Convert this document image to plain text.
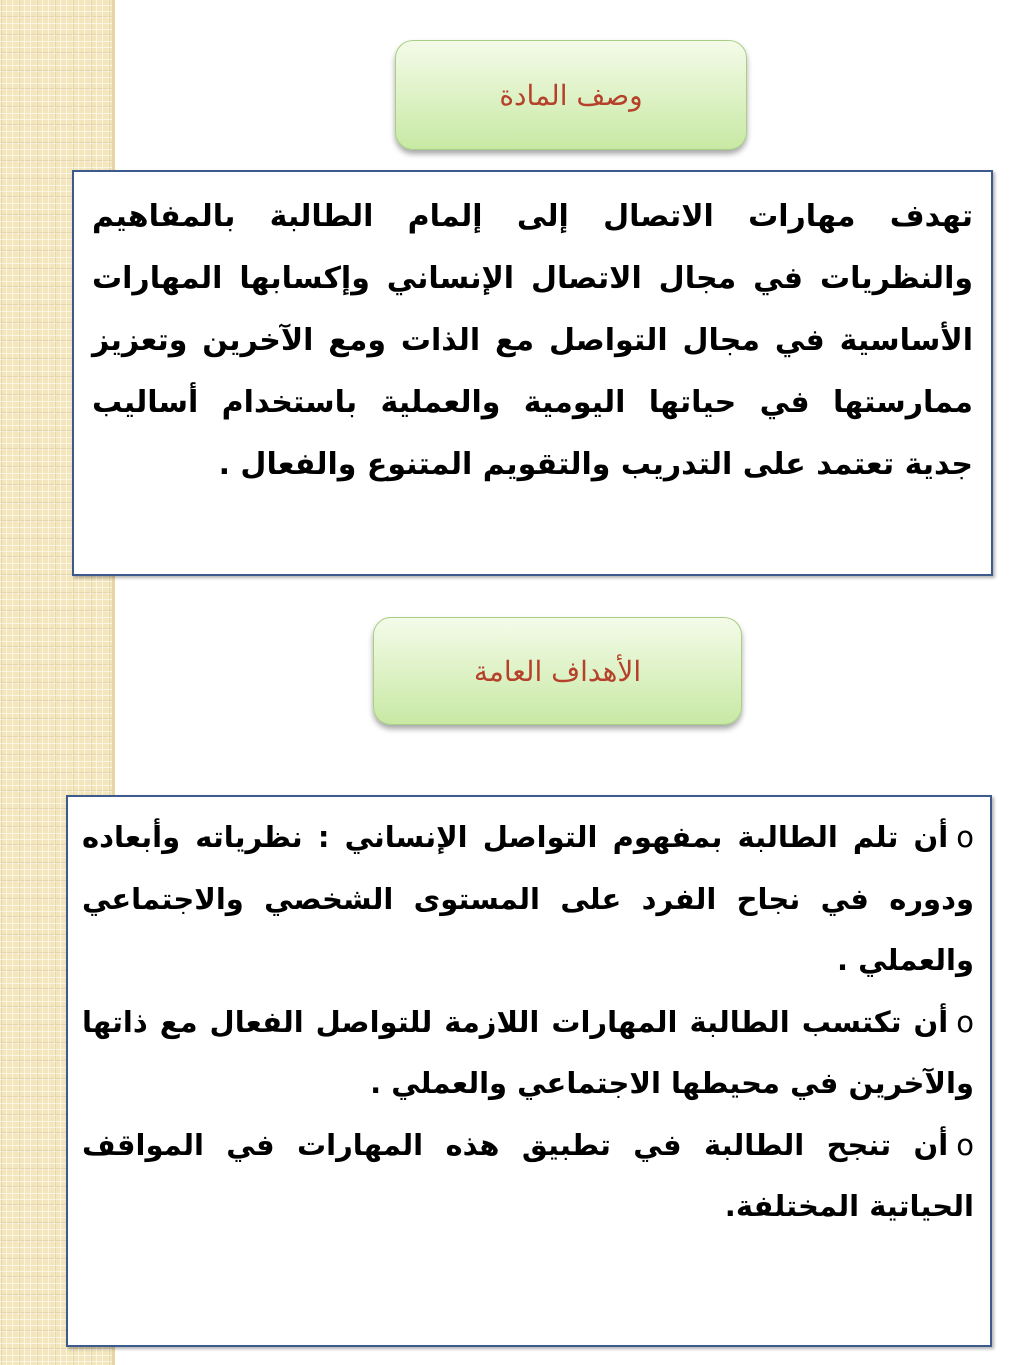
وصف المادة

تهدف مهارات الاتصال إلى إلمام الطالبة بالمفاهيم والنظريات في مجال الاتصال الإنساني وإكسابها المهارات الأساسية في مجال التواصل مع الذات ومع الآخرين وتعزيز ممارستها في حياتها اليومية والعملية باستخدام أساليب جدية تعتمد على التدريب والتقويم المتنوع والفعال .

الأهداف العامة

oأن تلم الطالبة بمفهوم التواصل الإنساني : نظرياته وأبعاده ودوره في نجاح الفرد على المستوى الشخصي والاجتماعي والعملي .

oأن تكتسب الطالبة المهارات اللازمة للتواصل الفعال مع ذاتها والآخرين في محيطها الاجتماعي والعملي .

oأن تنجح الطالبة في تطبيق هذه المهارات في المواقف الحياتية المختلفة.
